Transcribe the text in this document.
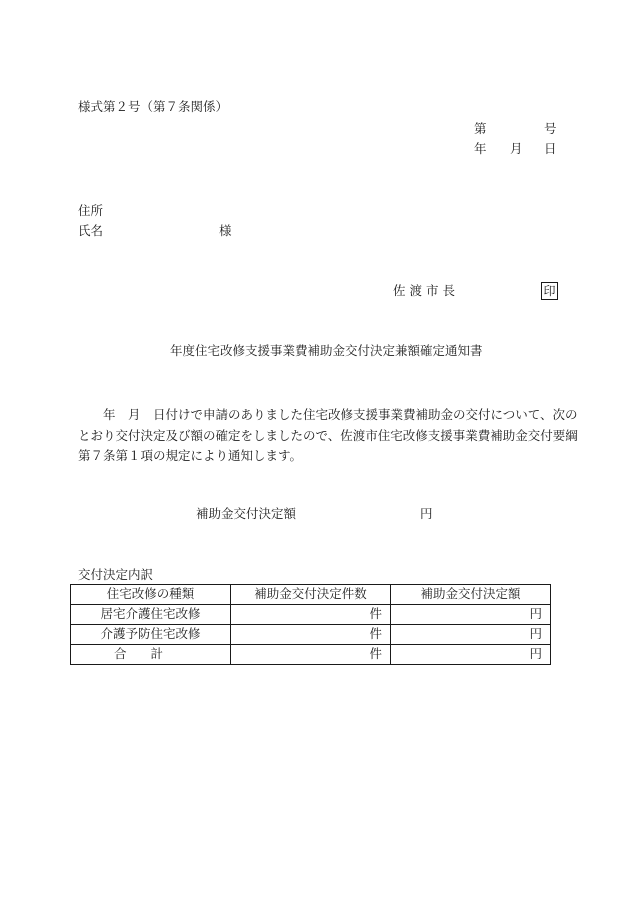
様式第２号（第７条関係）
第	号
年 月 日
住所
氏名	様
佐渡市長	印
年度住宅改修支援事業費補助金交付決定兼額確定通知書

　　年　月　日付けで申請のありました住宅改修支援事業費補助金の交付について、次の

とおり交付決定及び額の確定をしましたので、佐渡市住宅改修支援事業費補助金交付要綱

第７条第１項の規定により通知します。

補助金交付決定額	円
交付決定内訳
住宅改修の種類	補助金交付決定件数	補助金交付決定額
居宅介護住宅改修	件	円
介護予防住宅改修	件	円
合計	件	円
